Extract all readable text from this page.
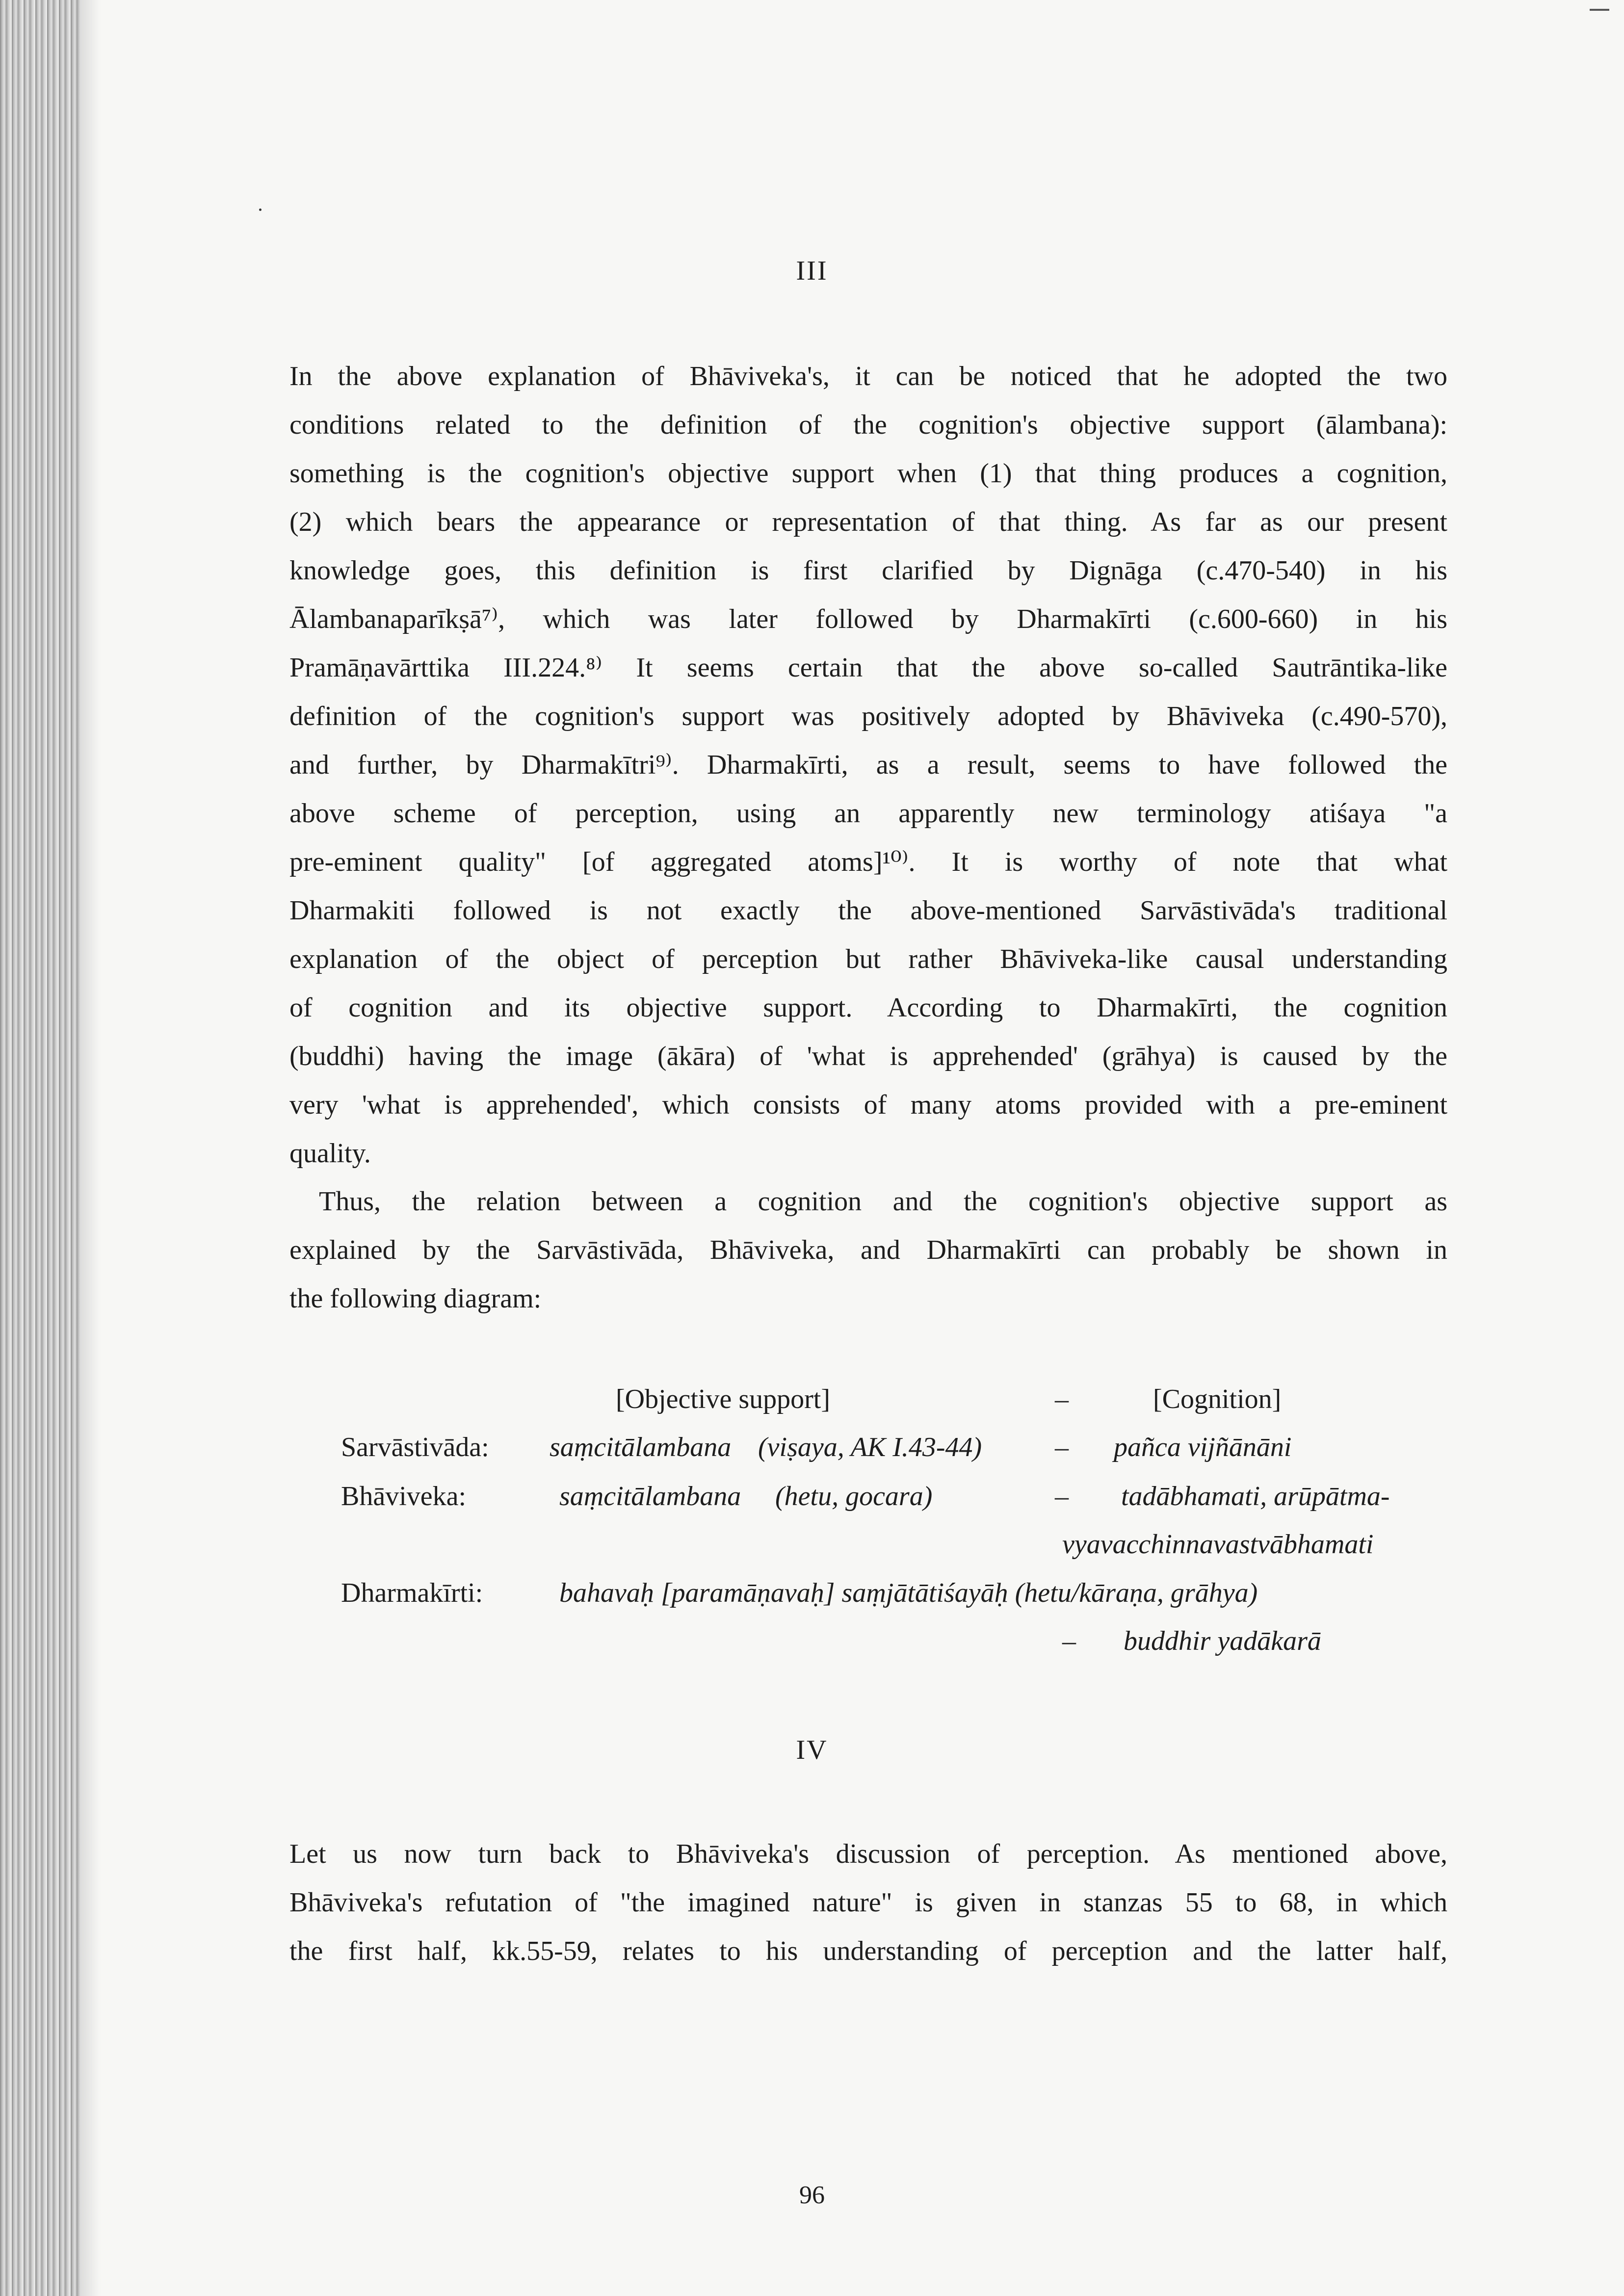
III
In the above explanation of Bhāviveka's, it can be noticed that he adopted the two
conditions related to the definition of the cognition's objective support (ālambana):
something is the cognition's objective support when (1) that thing produces a cognition,
(2) which bears the appearance or representation of that thing. As far as our present
knowledge goes, this definition is first clarified by Dignāga (c.470-540) in his
Ālambanaparīkṣā⁷⁾, which was later followed by Dharmakīrti (c.600-660) in his
Pramāṇavārttika III.224.⁸⁾ It seems certain that the above so-called Sautrāntika-like
definition of the cognition's support was positively adopted by Bhāviveka (c.490-570),
and further, by Dharmakītri⁹⁾. Dharmakīrti, as a result, seems to have followed the
above scheme of perception, using an apparently new terminology atiśaya "a
pre-eminent quality" [of aggregated atoms]¹⁰⁾. It is worthy of note that what
Dharmakiti followed is not exactly the above-mentioned Sarvāstivāda's traditional
explanation of the object of perception but rather Bhāviveka-like causal understanding
of cognition and its objective support. According to Dharmakīrti, the cognition
(buddhi) having the image (ākāra) of 'what is apprehended' (grāhya) is caused by the
very 'what is apprehended', which consists of many atoms provided with a pre-eminent
quality.
Thus, the relation between a cognition and the cognition's objective support as
explained by the Sarvāstivāda, Bhāviveka, and Dharmakīrti can probably be shown in
the following diagram:
[Objective support]	–	[Cognition]
Sarvāstivāda: saṃcitālambana (viṣaya, AK I.43-44)	– pañca vijñānāni
Bhāviveka:	saṃcitālambana (hetu, gocara)	– tadābhamati, arūpātma-
vyavacchinnavastvābhamati
Dharmakīrti:	bahavaḥ [paramāṇavaḥ] saṃjātātiśayāḥ (hetu/kāraṇa, grāhya)
– buddhir yadākarā
IV
Let us now turn back to Bhāviveka's discussion of perception. As mentioned above,
Bhāviveka's refutation of "the imagined nature" is given in stanzas 55 to 68, in which
the first half, kk.55-59, relates to his understanding of perception and the latter half,
96
